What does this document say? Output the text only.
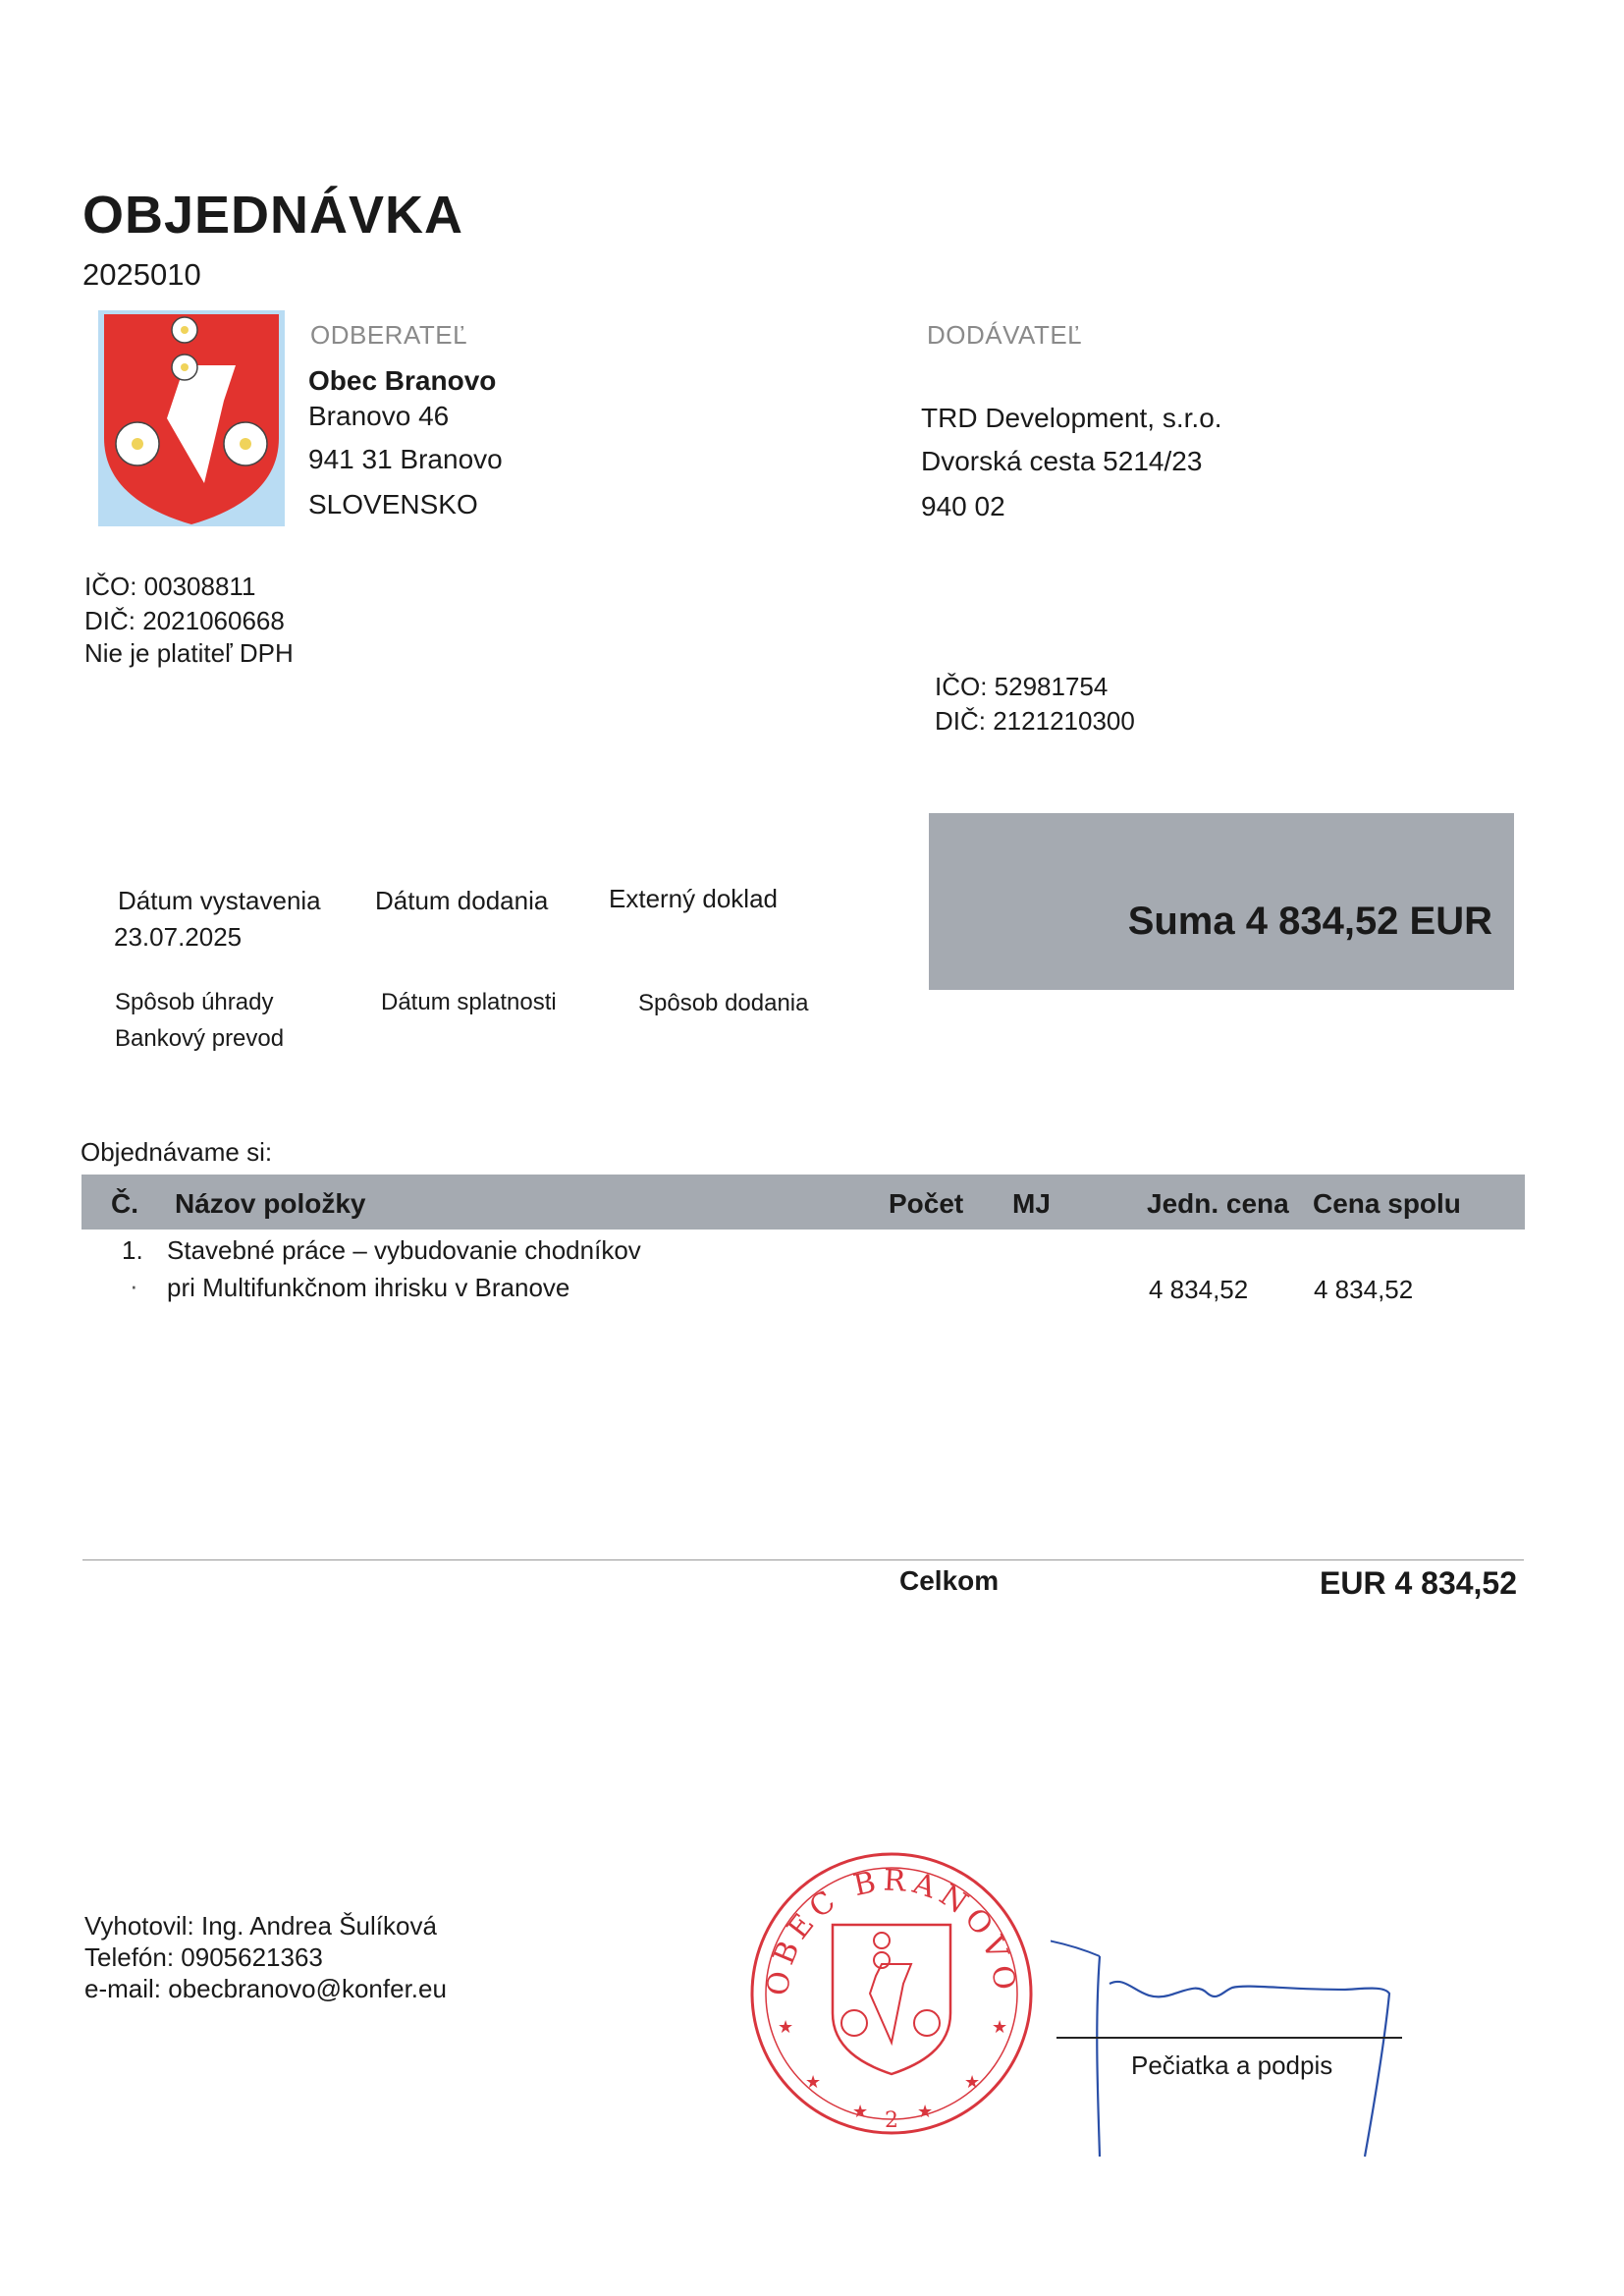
OBJEDNÁVKA
2025010
ODBERATEĽ
Obec Branovo
Branovo 46
941 31 Branovo
SLOVENSKO
IČO: 00308811
DIČ: 2021060668
Nie je platiteľ DPH
DODÁVATEĽ
TRD Development, s.r.o.
Dvorská cesta 5214/23
940 02
IČO: 52981754
DIČ: 2121210300
Dátum vystavenia
23.07.2025
Dátum dodania Externý doklad
Spôsob úhrady
Bankový prevod
Dátum splatnosti	Spôsob dodania
Suma 4 834,52 EUR
Objednávame si:
Č. Názov položky	Počet MJ	Jedn. cena Cena spolu
1. Stavebné práce – vybudovanie chodníkov
· pri Multifunkčnom ihrisku v Branove	4 834,52	4 834,52
Celkom	EUR 4 834,52
Vyhotovil: Ing. Andrea Šulíková
Telefón: 0905621363
e-mail: obecbranovo@konfer.eu	OBEC BRANOVO
★	★
★	★
★	★
2
Pečiatka a podpis
